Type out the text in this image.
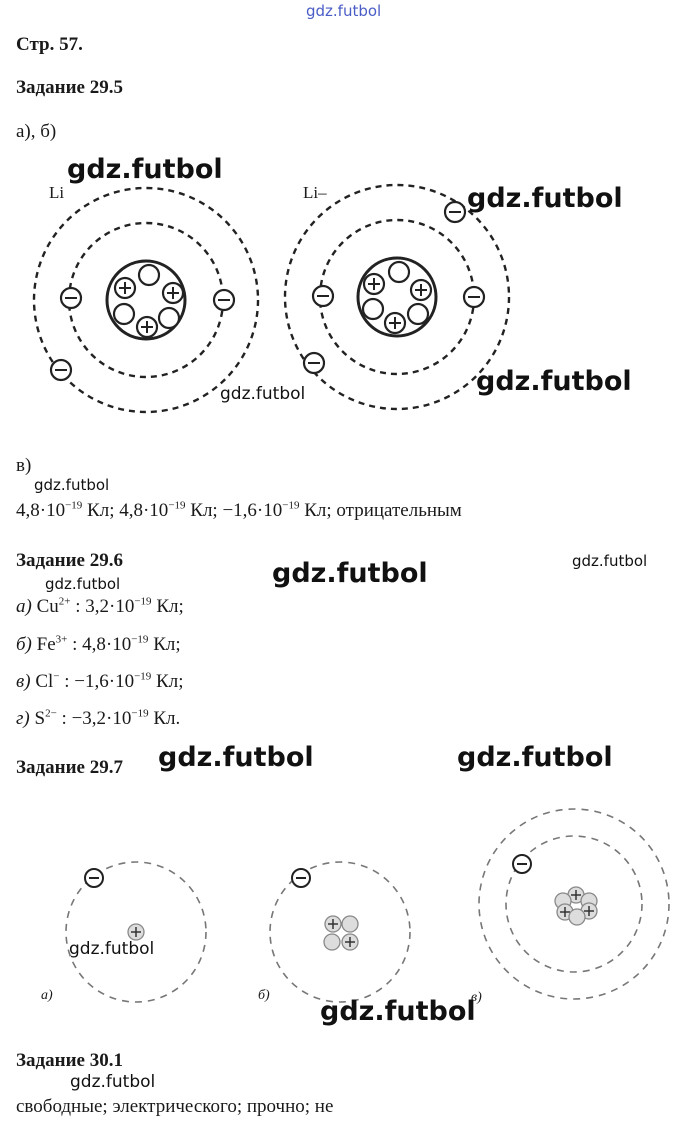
gdz.futbol
Стр. 57.
Задание 29.5
а), б)
Li	Li–
в)
$4,8\cdot 10^{-19}$ Кл; $4,8\cdot 10^{-19}$ Кл; $-1,6\cdot 10^{-19}$ Кл; отрицательным
Задание 29.6
а) $Cu^{2+}$ : $3,2\cdot 10^{-19}$ Кл;
б) $Fe^{3+}$ : $4,8\cdot 10^{-19}$ Кл;
в) Cl− : $-1,6\cdot 10^{-19}$ Кл;
г) $S^{2-}$ : $-3,2\cdot 10^{-19}$ Кл.
Задание 29.7
а)	б)	в)
Задание 30.1
свободные; электрического; прочно; не
gdz.futbol
gdz.futbol
gdz.futbol
gdz.futbol
gdz.futbol
gdz.futbol	gdz.futbol
gdz.futbol
gdz.futbol	gdz.futbol
gdz.futbol
gdz.futbol
gdz.futbol
